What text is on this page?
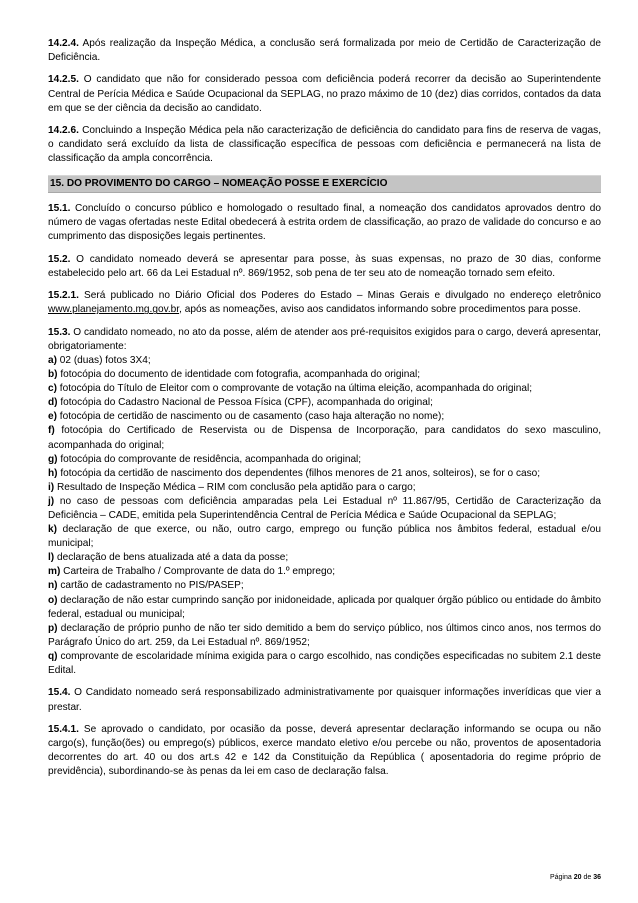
14.2.4. Após realização da Inspeção Médica, a conclusão será formalizada por meio de Certidão de Caracterização de Deficiência.

14.2.5. O candidato que não for considerado pessoa com deficiência poderá recorrer da decisão ao Superintendente Central de Perícia Médica e Saúde Ocupacional da SEPLAG, no prazo máximo de 10 (dez) dias corridos, contados da data em que se der ciência da decisão ao candidato.

14.2.6. Concluindo a Inspeção Médica pela não caracterização de deficiência do candidato para fins de reserva de vagas, o candidato será excluído da lista de classificação específica de pessoas com deficiência e permanecerá na lista de classificação da ampla concorrência.

15. DO PROVIMENTO DO CARGO – NOMEAÇÃO POSSE E EXERCÍCIO

15.1. Concluído o concurso público e homologado o resultado final, a nomeação dos candidatos aprovados dentro do número de vagas ofertadas neste Edital obedecerá à estrita ordem de classificação, ao prazo de validade do concurso e ao cumprimento das disposições legais pertinentes.

15.2. O candidato nomeado deverá se apresentar para posse, às suas expensas, no prazo de 30 dias, conforme estabelecido pelo art. 66 da Lei Estadual nº. 869/1952, sob pena de ter seu ato de nomeação tornado sem efeito.

15.2.1. Será publicado no Diário Oficial dos Poderes do Estado – Minas Gerais e divulgado no endereço eletrônico www.planejamento.mg.gov.br, após as nomeações, aviso aos candidatos informando sobre procedimentos para posse.

15.3. O candidato nomeado, no ato da posse, além de atender aos pré-requisitos exigidos para o cargo, deverá apresentar, obrigatoriamente:
a) 02 (duas) fotos 3X4;
b) fotocópia do documento de identidade com fotografia, acompanhada do original;
c) fotocópia do Título de Eleitor com o comprovante de votação na última eleição, acompanhada do original;
d) fotocópia do Cadastro Nacional de Pessoa Física (CPF), acompanhada do original;
e) fotocópia de certidão de nascimento ou de casamento (caso haja alteração no nome);
f) fotocópia do Certificado de Reservista ou de Dispensa de Incorporação, para candidatos do sexo masculino, acompanhada do original;
g) fotocópia do comprovante de residência, acompanhada do original;
h) fotocópia da certidão de nascimento dos dependentes (filhos menores de 21 anos, solteiros), se for o caso;
i) Resultado de Inspeção Médica – RIM com conclusão pela aptidão para o cargo;
j) no caso de pessoas com deficiência amparadas pela Lei Estadual nº 11.867/95, Certidão de Caracterização da Deficiência – CADE, emitida pela Superintendência Central de Perícia Médica e Saúde Ocupacional da SEPLAG;
k) declaração de que exerce, ou não, outro cargo, emprego ou função pública nos âmbitos federal, estadual e/ou municipal;
l) declaração de bens atualizada até a data da posse;
m) Carteira de Trabalho / Comprovante de data do 1.º emprego;
n) cartão de cadastramento no PIS/PASEP;
o) declaração de não estar cumprindo sanção por inidoneidade, aplicada por qualquer órgão público ou entidade do âmbito federal, estadual ou municipal;
p) declaração de próprio punho de não ter sido demitido a bem do serviço público, nos últimos cinco anos, nos termos do Parágrafo Único do art. 259, da Lei Estadual nº. 869/1952;
q) comprovante de escolaridade mínima exigida para o cargo escolhido, nas condições especificadas no subitem 2.1 deste Edital.

15.4. O Candidato nomeado será responsabilizado administrativamente por quaisquer informações inverídicas que vier a prestar.

15.4.1. Se aprovado o candidato, por ocasião da posse, deverá apresentar declaração informando se ocupa ou não cargo(s), função(ões) ou emprego(s) públicos, exerce mandato eletivo e/ou percebe ou não, proventos de aposentadoria decorrentes do art. 40 ou dos art.s 42 e 142 da Constituição da República ( aposentadoria do regime próprio de previdência), subordinando-se às penas da lei em caso de declaração falsa.

Página 20 de 36
